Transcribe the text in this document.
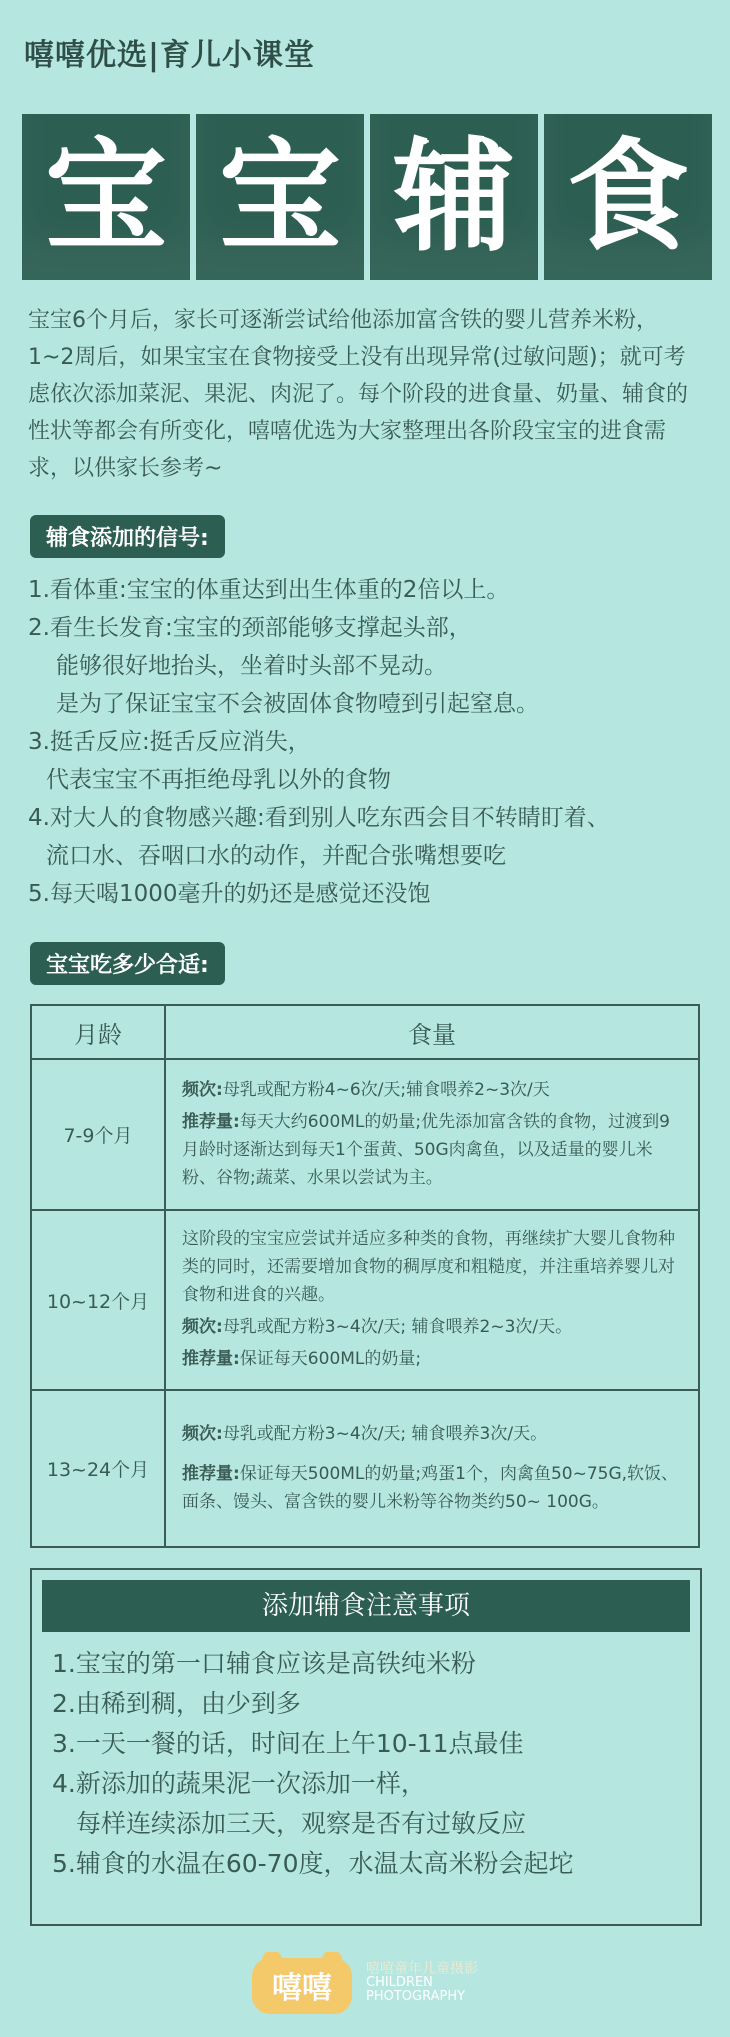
嘻嘻优选|育儿小课堂
宝 宝 辅 食
宝宝6个月后，家长可逐渐尝试给他添加富含铁的婴儿营养米粉，1~2周后，如果宝宝在食物接受上没有出现异常(过敏问题)；就可考虑依次添加菜泥、果泥、肉泥了。每个阶段的进食量、奶量、辅食的性状等都会有所变化，嘻嘻优选为大家整理出各阶段宝宝的进食需求，以供家长参考~
辅食添加的信号:
1.看体重:宝宝的体重达到出生体重的2倍以上。
2.看生长发育:宝宝的颈部能够支撑起头部，
能够很好地抬头，坐着时头部不晃动。
是为了保证宝宝不会被固体食物噎到引起窒息。
3.挺舌反应:挺舌反应消失，
代表宝宝不再拒绝母乳以外的食物
4.对大人的食物感兴趣:看到别人吃东西会目不转睛盯着、
流口水、吞咽口水的动作，并配合张嘴想要吃
5.每天喝1000毫升的奶还是感觉还没饱
宝宝吃多少合适:
月龄	食量
7-9个月	频次:母乳或配方粉4~6次/天;辅食喂养2~3次/天

推荐量:每天大约600ML的奶量;优先添加富含铁的食物，过渡到9月龄时逐渐达到每天1个蛋黄、50G肉禽鱼，以及适量的婴儿米粉、谷物;蔬菜、水果以尝试为主。

10~12个月	这阶段的宝宝应尝试并适应多种类的食物，再继续扩大婴儿食物种类的同时，还需要增加食物的稠厚度和粗糙度，并注重培养婴儿对食物和进食的兴趣。

频次:母乳或配方粉3~4次/天; 辅食喂养2~3次/天。

推荐量:保证每天600ML的奶量;

13~24个月	频次:母乳或配方粉3~4次/天; 辅食喂养3次/天。

推荐量:保证每天500ML的奶量;鸡蛋1个，肉禽鱼50~75G,软饭、面条、馒头、富含铁的婴儿米粉等谷物类约50~ 100G。

添加辅食注意事项
1.宝宝的第一口辅食应该是高铁纯米粉
2.由稀到稠，由少到多
3.一天一餐的话，时间在上午10-11点最佳
4.新添加的蔬果泥一次添加一样，
每样连续添加三天，观察是否有过敏反应
5.辅食的水温在60-70度，水温太高米粉会起坨
嘻嘻
嘻嘻童年儿童摄影
CHILDREN
PHOTOGRAPHY
